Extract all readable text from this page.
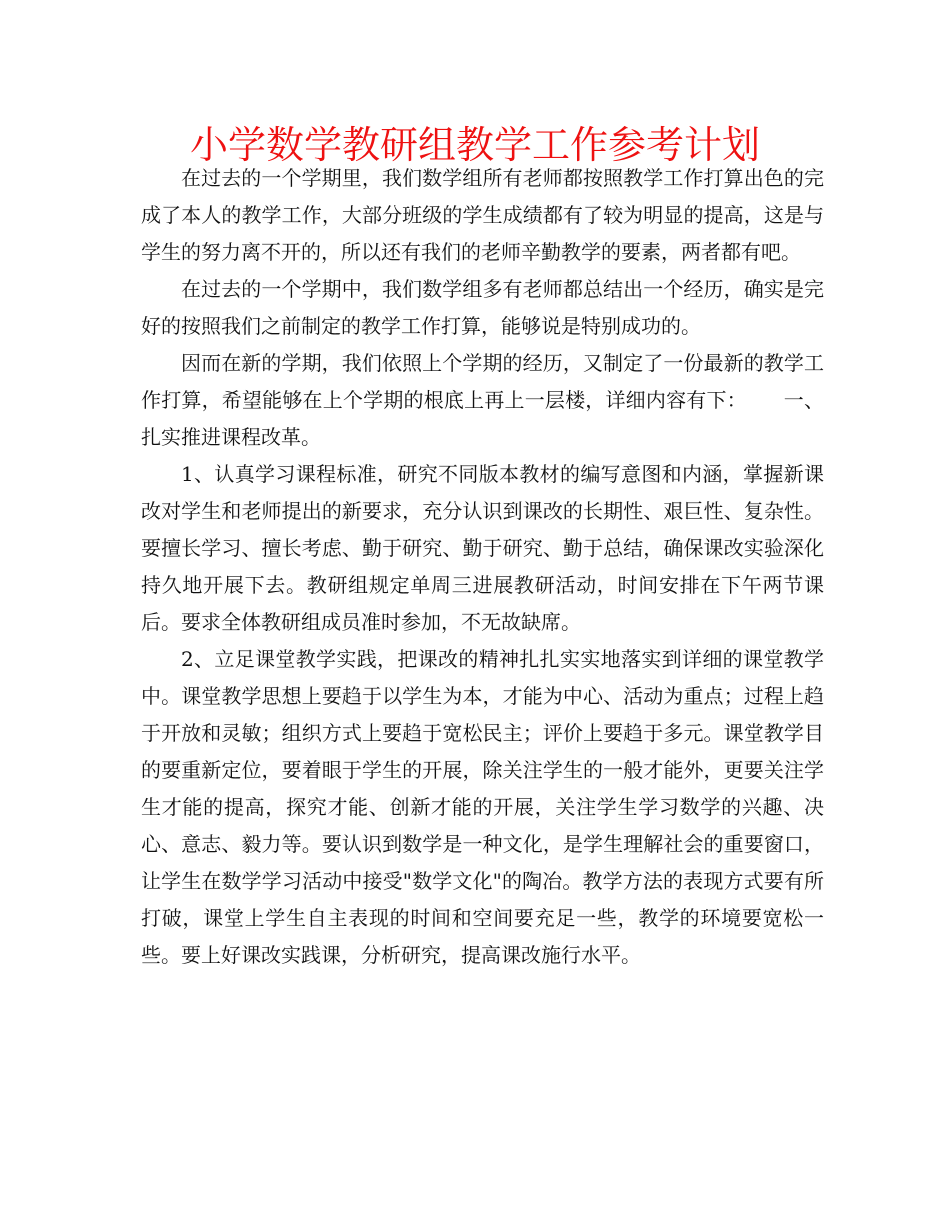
小学数学教研组教学工作参考计划

在过去的一个学期里，我们数学组所有老师都按照教学工作打算出色的完成了本人的教学工作，大部分班级的学生成绩都有了较为明显的提高，这是与学生的努力离不开的，所以还有我们的老师辛勤教学的要素，两者都有吧。

在过去的一个学期中，我们数学组多有老师都总结出一个经历，确实是完好的按照我们之前制定的教学工作打算，能够说是特别成功的。

因而在新的学期，我们依照上个学期的经历，又制定了一份最新的教学工作打算，希望能够在上个学期的根底上再上一层楼，详细内容有下：　　 一、扎实推进课程改革。

1、认真学习课程标准，研究不同版本教材的编写意图和内涵，掌握新课改对学生和老师提出的新要求，充分认识到课改的长期性、艰巨性、复杂性。要擅长学习、擅长考虑、勤于研究、勤于研究、勤于总结，确保课改实验深化持久地开展下去。教研组规定单周三进展教研活动，时间安排在下午两节课后。要求全体教研组成员准时参加，不无故缺席。

2、立足课堂教学实践，把课改的精神扎扎实实地落实到详细的课堂教学中。课堂教学思想上要趋于以学生为本，才能为中心、活动为重点；过程上趋于开放和灵敏；组织方式上要趋于宽松民主；评价上要趋于多元。课堂教学目的要重新定位，要着眼于学生的开展，除关注学生的一般才能外，更要关注学生才能的提高，探究才能、创新才能的开展，关注学生学习数学的兴趣、决心、意志、毅力等。要认识到数学是一种文化，是学生理解社会的重要窗口，让学生在数学学习活动中接受"数学文化"的陶冶。教学方法的表现方式要有所打破，课堂上学生自主表现的时间和空间要充足一些，教学的环境要宽松一些。要上好课改实践课，分析研究，提高课改施行水平。
